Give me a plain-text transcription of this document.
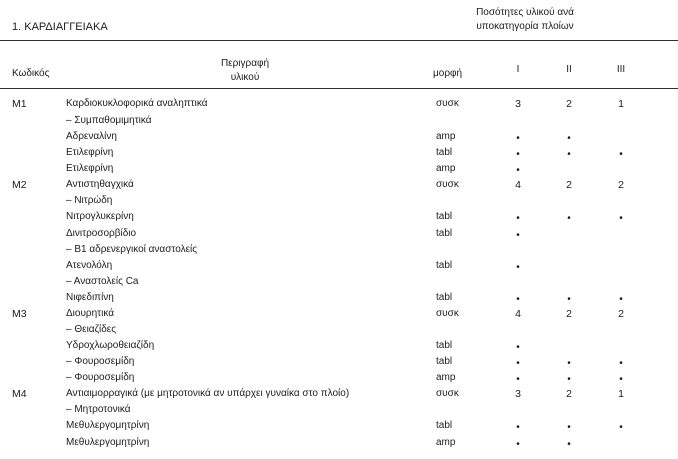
1. ΚΑΡΔΙΑΓΓΕΙΑΚΑ
Ποσότητες υλικού ανά
υποκατηγορία πλοίων
Κωδικός
Περιγραφή
υλικού	μορφή	I	II	III
M1	Καρδιοκυκλοφορικά αναληπτικά	συσκ	3	2	1
– Συμπαθομιμητικά
Αδρεναλίνη	amp	•	•
Ετιλεφρίνη	tabl	•	•	•
Ετιλεφρίνη	amp	•
M2	Αντιστηθαγχικά	συσκ	4	2	2
– Νιτρώδη
Νιτρογλυκερίνη	tabl	•	•	•
Δινιτροσορβίδιο	tabl	•
– Β1 αδρενεργικοί αναστολείς
Ατενολόλη	tabl	•
– Αναστολείς Ca
Νιφεδιπίνη	tabl	•	•	•
M3	Διουρητικά	συσκ	4	2	2
– Θειαζίδες
Υδροχλωροθειαζίδη	tabl	•
– Φουροσεμίδη	tabl	•	•	•
– Φουροσεμίδη	amp	•	•	•
M4	Αντιαιμορραγικά (με μητροτονικά αν υπάρχει γυναίκα στο πλοίο)	συσκ	3	2	1
– Μητροτονικά
Μεθυλεργομητρίνη	tabl	•	•	•
Μεθυλεργομητρίνη	amp	•	•
